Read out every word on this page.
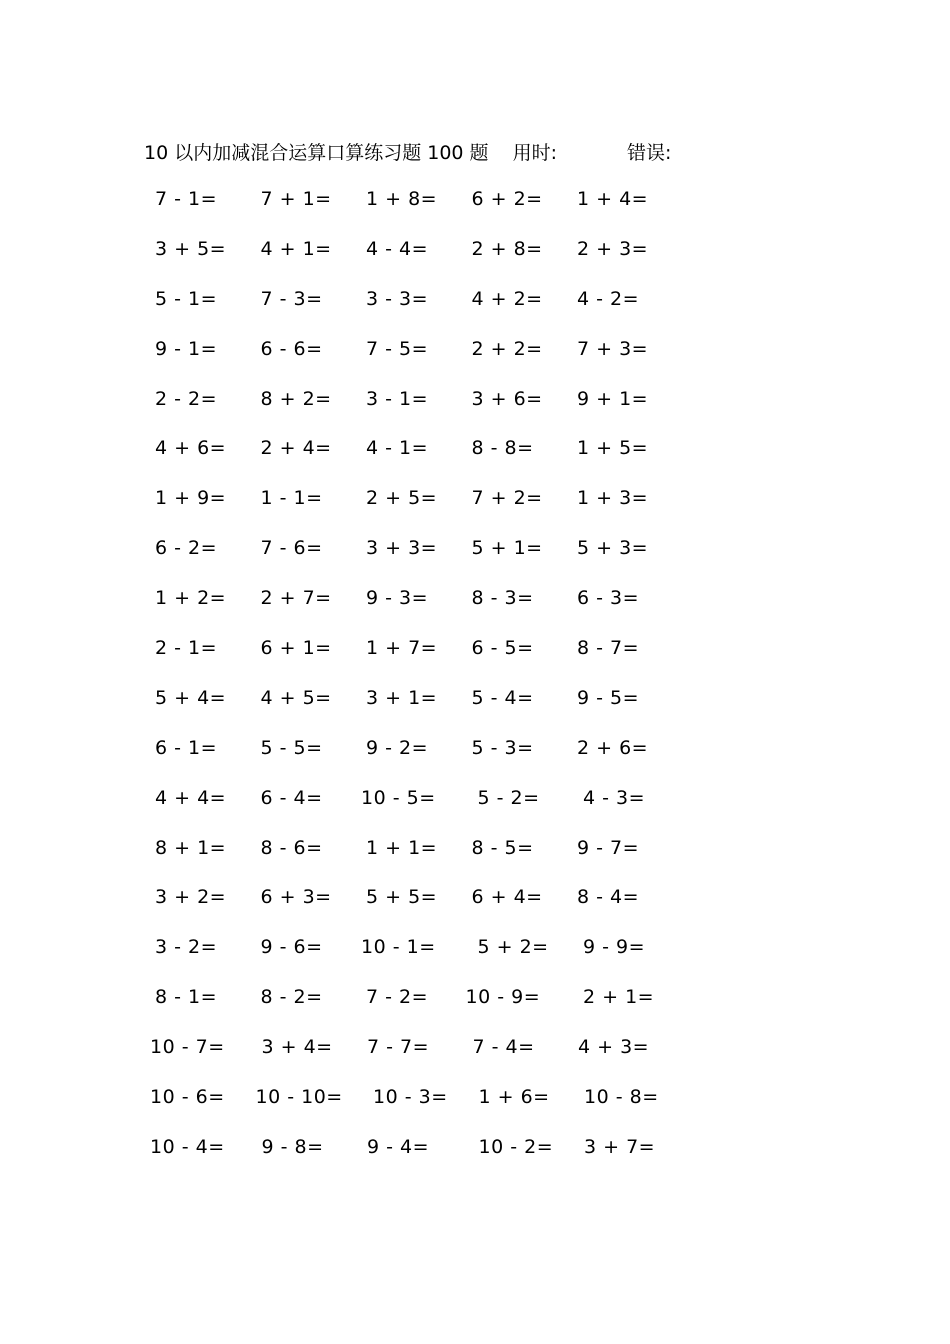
10 以内加减混合运算口算练习题 100 题 用时:	错误:
7 - 1=	7 + 1=	1 + 8=	6 + 2=	1 + 4=
3 + 5=	4 + 1=	4 - 4=	2 + 8=	2 + 3=
5 - 1=	7 - 3=	3 - 3=	4 + 2=	4 - 2=
9 - 1=	6 - 6=	7 - 5=	2 + 2=	7 + 3=
2 - 2=	8 + 2=	3 - 1=	3 + 6=	9 + 1=
4 + 6=	2 + 4=	4 - 1=	8 - 8=	1 + 5=
1 + 9=	1 - 1=	2 + 5=	7 + 2=	1 + 3=
6 - 2=	7 - 6=	3 + 3=	5 + 1=	5 + 3=
1 + 2=	2 + 7=	9 - 3=	8 - 3=	6 - 3=
2 - 1=	6 + 1=	1 + 7=	6 - 5=	8 - 7=
5 + 4=	4 + 5=	3 + 1=	5 - 4=	9 - 5=
6 - 1=	5 - 5=	9 - 2=	5 - 3=	2 + 6=
4 + 4=	6 - 4=	10 - 5=	5 - 2=	4 - 3=
8 + 1=	8 - 6=	1 + 1=	8 - 5=	9 - 7=
3 + 2=	6 + 3=	5 + 5=	6 + 4=	8 - 4=
3 - 2=	9 - 6=	10 - 1=	5 + 2=	9 - 9=
8 - 1=	8 - 2=	7 - 2=	10 - 9=	2 + 1=
10 - 7=	3 + 4=	7 - 7=	7 - 4=	4 + 3=
10 - 6=	10 - 10=	10 - 3=	1 + 6=	10 - 8=
10 - 4=	9 - 8=	9 - 4=	10 - 2=	3 + 7=
